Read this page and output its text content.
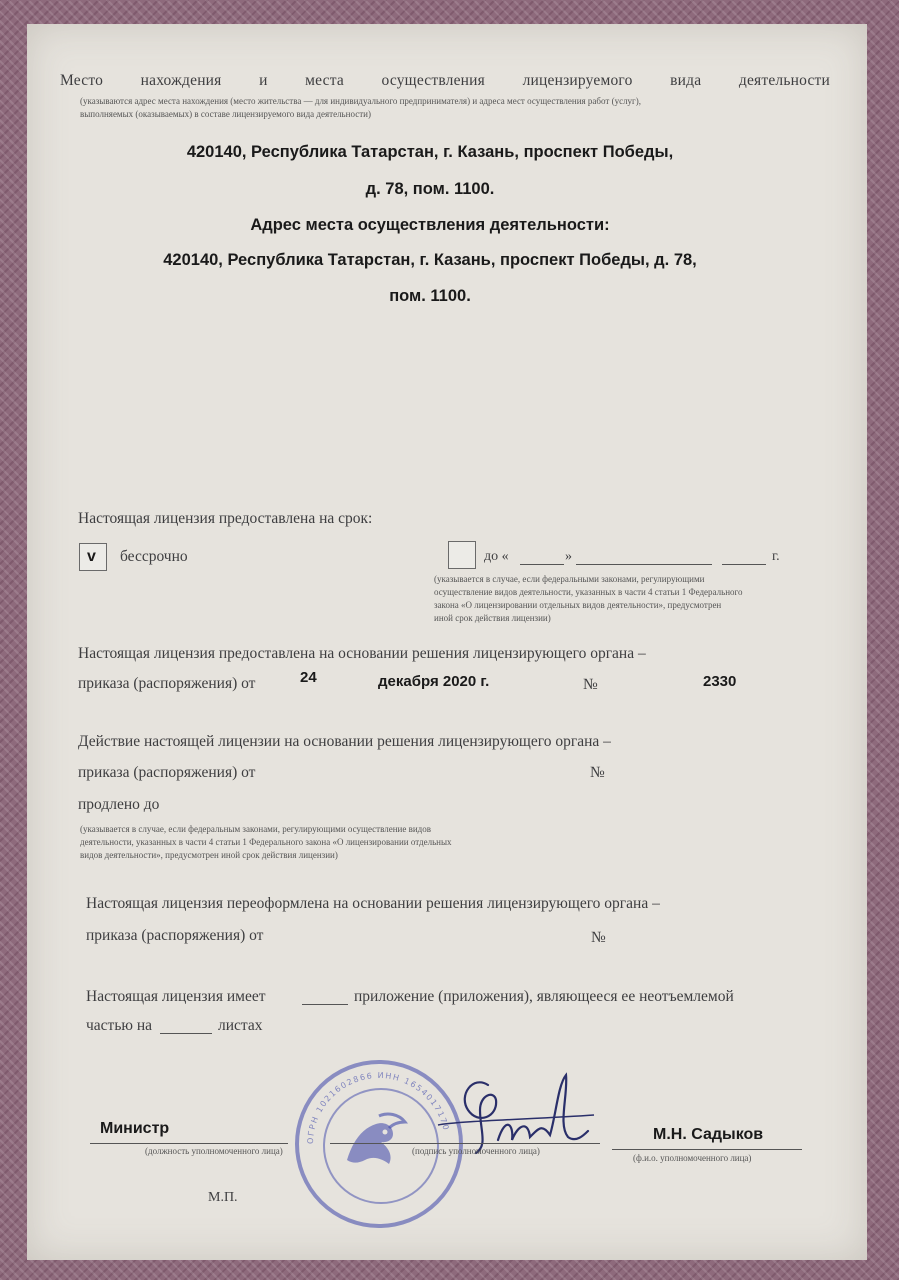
Место нахождения и места осуществления лицензируемого вида деятельности
(указываются адрес места нахождения (место жительства — для индивидуального предпринимателя) и адреса мест осуществления работ (услуг),
выполняемых (оказываемых) в составе лицензируемого вида деятельности)
420140, Республика Татарстан, г. Казань, проспект Победы,
д. 78, пом. 1100.
Адрес места осуществления деятельности:
420140, Республика Татарстан, г. Казань, проспект Победы, д. 78,
пом. 1100.
Настоящая лицензия предоставлена на срок:
v бессрочно	до «	»	г.
(указывается в случае, если федеральными законами, регулирующими
осуществление видов деятельности, указанных в части 4 статьи 1 Федерального
закона «О лицензировании отдельных видов деятельности», предусмотрен
иной срок действия лицензии)
Настоящая лицензия предоставлена на основании решения лицензирующего органа –
приказа (распоряжения) от	24	декабря 2020 г.	№	2330
Действие настоящей лицензии на основании решения лицензирующего органа –
приказа (распоряжения) от	№
продлено до
(указывается в случае, если федеральным законами, регулирующими осуществление видов
деятельности, указанных в части 4 статьи 1 Федерального закона «О лицензировании отдельных
видов деятельности», предусмотрен иной срок действия лицензии)
Настоящая лицензия переоформлена на основании решения лицензирующего органа –
приказа (распоряжения) от	№
Настоящая лицензия имеет	приложение (приложения), являющееся ее неотъемлемой
частью на	листах
ОГРН 1021602866 ИНН 1654017170
Министр
(должность уполномоченного лица)	(подпись уполномоченного лица)
М.Н. Садыков
(ф.и.о. уполномоченного лица)
М.П.
